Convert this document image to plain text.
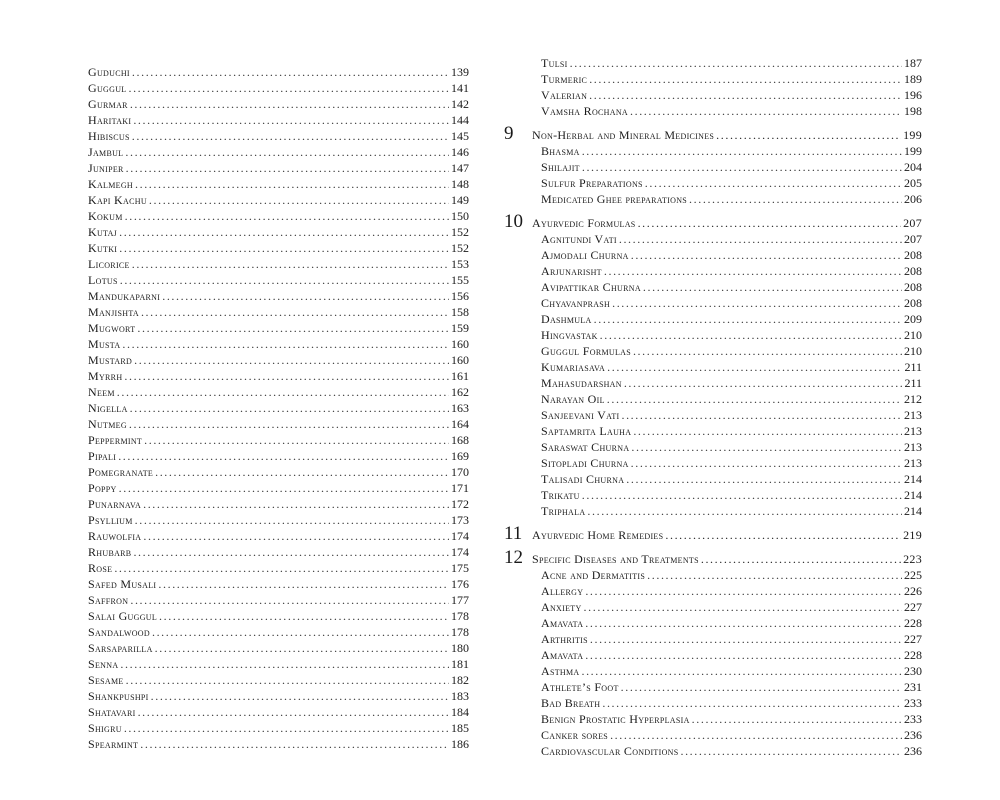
Guduchi .....	139
Guggul .....	141
Gurmar .....	142
Haritaki .....	144
Hibiscus .....	145
Jambul .....	146
Juniper .....	147
Kalmegh .....	148
Kapi Kachu .....	149
Kokum .....	150
Kutaj .....	152
Kutki .....	152
Licorice .....	153
Lotus .....	155
Mandukaparni .....	156
Manjishta .....	158
Mugwort .....	159
Musta .....	160
Mustard .....	160
Myrrh .....	161
Neem .....	162
Nigella .....	163
Nutmeg .....	164
Peppermint .....	168
Pipali .....	169
Pomegranate .....	170
Poppy .....	171
Punarnava .....	172
Psyllium .....	173
Rauwolfia .....	174
Rhubarb .....	174
Rose .....	175
Safed Musali .....	176
Saffron .....	177
Salai Guggul .....	178
Sandalwood .....	178
Sarsaparilla .....	180
Senna .....	181
Sesame .....	182
Shankpushpi .....	183
Shatavari .....	184
Shigru .....	185
Spearmint .....	186
Tulsi .....	187
Turmeric .....	189
Valerian .....	196
Vamsha Rochana .....	198
9	Non-Herbal and Mineral Medicines .....	199
Bhasma .....	199
Shilajit .....	204
Sulfur Preparations .....	205
Medicated Ghee preparations .....	206
10 Ayurvedic Formulas .....	207
Agnitundi Vati .....	207
Ajmodali Churna .....	208
Arjunarisht .....	208
Avipattikar Churna .....	208
Chyavanprash .....	208
Dashmula .....	209
Hingvastak .....	210
Guggul Formulas .....	210
Kumariasava .....	211
Mahasudarshan .....	211
Narayan Oil .....	212
Sanjeevani Vati .....	213
Saptamrita Lauha .....	213
Saraswat Churna .....	213
Sitopladi Churna .....	213
Talisadi Churna .....	214
Trikatu .....	214
Triphala .....	214
11 Ayurvedic Home Remedies .....	219
12 Specific Diseases and Treatments .....	223
Acne and Dermatitis .....	225
Allergy .....	226
Anxiety .....	227
Amavata .....	228
Arthritis .....	227
Amavata .....	228
Asthma .....	230
Athlete’s Foot .....	231
Bad Breath .....	233
Benign Prostatic Hyperplasia .....	233
Canker sores .....	236
Cardiovascular Conditions .....	236
